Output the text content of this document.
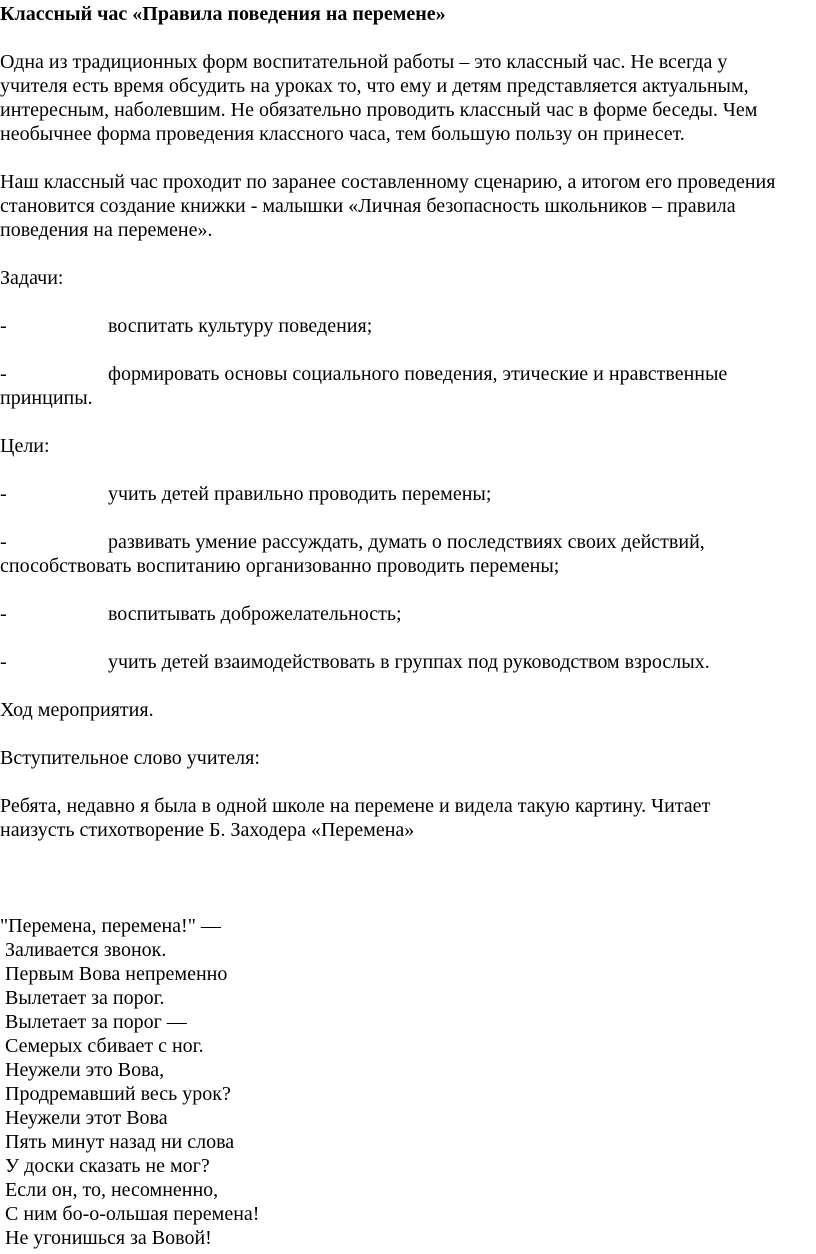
Классный час «Правила поведения на перемене»

Одна из традиционных форм воспитательной работы – это классный час. Не всегда у

учителя есть время обсудить на уроках то, что ему и детям представляется актуальным,

интересным, наболевшим. Не обязательно проводить классный час в форме беседы. Чем

необычнее форма проведения классного часа, тем большую пользу он принесет.

Наш классный час проходит по заранее составленному сценарию, а итогом его проведения

становится создание книжки - малышки «Личная безопасность школьников – правила

поведения на перемене».

Задачи:

-	воспитать культуру поведения;

-	формировать основы социального поведения, этические и нравственные

принципы.

Цели:

-	учить детей правильно проводить перемены;

-	развивать умение рассуждать, думать о последствиях своих действий,

способствовать воспитанию организованно проводить перемены;

-	воспитывать доброжелательность;

-	учить детей взаимодействовать в группах под руководством взрослых.

Ход мероприятия.

Вступительное слово учителя:

Ребята, недавно я была в одной школе на перемене и видела такую картину. Читает

наизусть стихотворение Б. Заходера «Перемена»

"Перемена, перемена!" —
Заливается звонок.
Первым Вова непременно
Вылетает за порог.
Вылетает за порог —
Семерых сбивает с ног.
Неужели это Вова,
Продремавший весь урок?
Неужели этот Вова
Пять минут назад ни слова
У доски сказать не мог?
Если он, то, несомненно,
С ним бо-о-ольшая перемена!
Не угонишься за Вовой!
